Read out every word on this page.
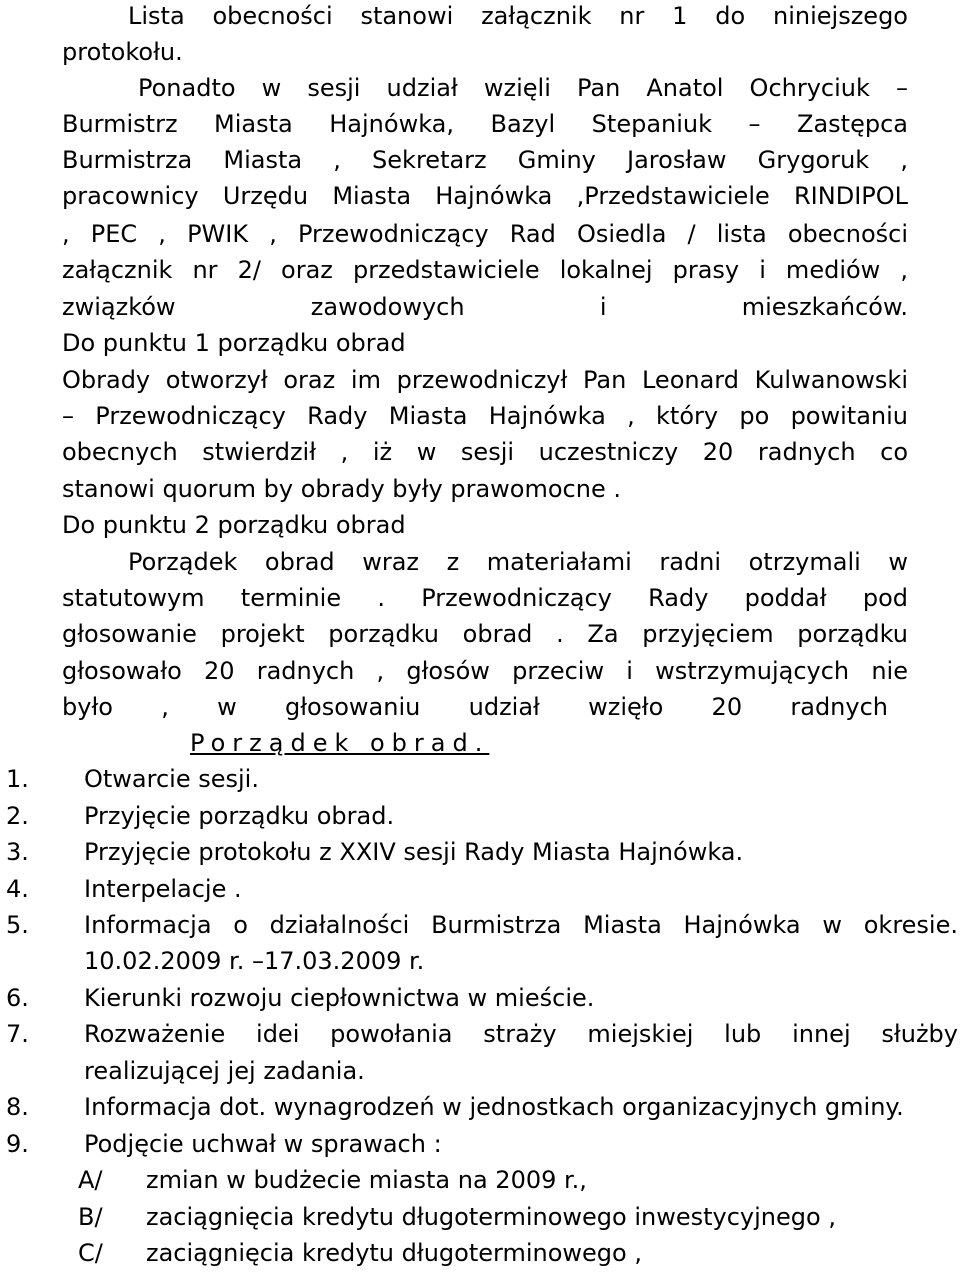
Lista obecności stanowi załącznik nr 1 do niniejszego
protokołu.
Ponadto w sesji udział wzięli Pan Anatol Ochryciuk –
Burmistrz Miasta Hajnówka, Bazyl Stepaniuk – Zastępca
Burmistrza Miasta , Sekretarz Gminy Jarosław Grygoruk ,
pracownicy Urzędu Miasta Hajnówka ,Przedstawiciele RINDIPOL
, PEC , PWIK , Przewodniczący Rad Osiedla / lista obecności
załącznik nr 2/ oraz przedstawiciele lokalnej prasy i mediów ,
związków zawodowych i mieszkańców.
Do punktu 1 porządku obrad
Obrady otworzył oraz im przewodniczył Pan Leonard Kulwanowski
– Przewodniczący Rady Miasta Hajnówka , który po powitaniu
obecnych stwierdził , iż w sesji uczestniczy 20 radnych co
stanowi quorum by obrady były prawomocne .
Do punktu 2 porządku obrad
Porządek obrad wraz z materiałami radni otrzymali w
statutowym terminie . Przewodniczący Rady poddał pod
głosowanie projekt porządku obrad . Za przyjęciem porządku
głosowało 20 radnych , głosów przeciw i wstrzymujących nie
było , w głosowaniu udział wzięło 20 radnych
Porządek obrad.
1.	Otwarcie sesji.
2.	Przyjęcie porządku obrad.
3.	Przyjęcie protokołu z XXIV sesji Rady Miasta Hajnówka.
4.	Interpelacje .
5.	Informacja o działalności Burmistrza Miasta Hajnówka w okresie.
10.02.2009 r. –17.03.2009 r.
6.	Kierunki rozwoju ciepłownictwa w mieście.
7.	Rozważenie idei powołania straży miejskiej lub innej służby
realizującej jej zadania.
8.	Informacja dot. wynagrodzeń w jednostkach organizacyjnych gminy.
9.	Podjęcie uchwał w sprawach :
A/	zmian w budżecie miasta na 2009 r.,
B/	zaciągnięcia kredytu długoterminowego inwestycyjnego ,
C/	zaciągnięcia kredytu długoterminowego ,
